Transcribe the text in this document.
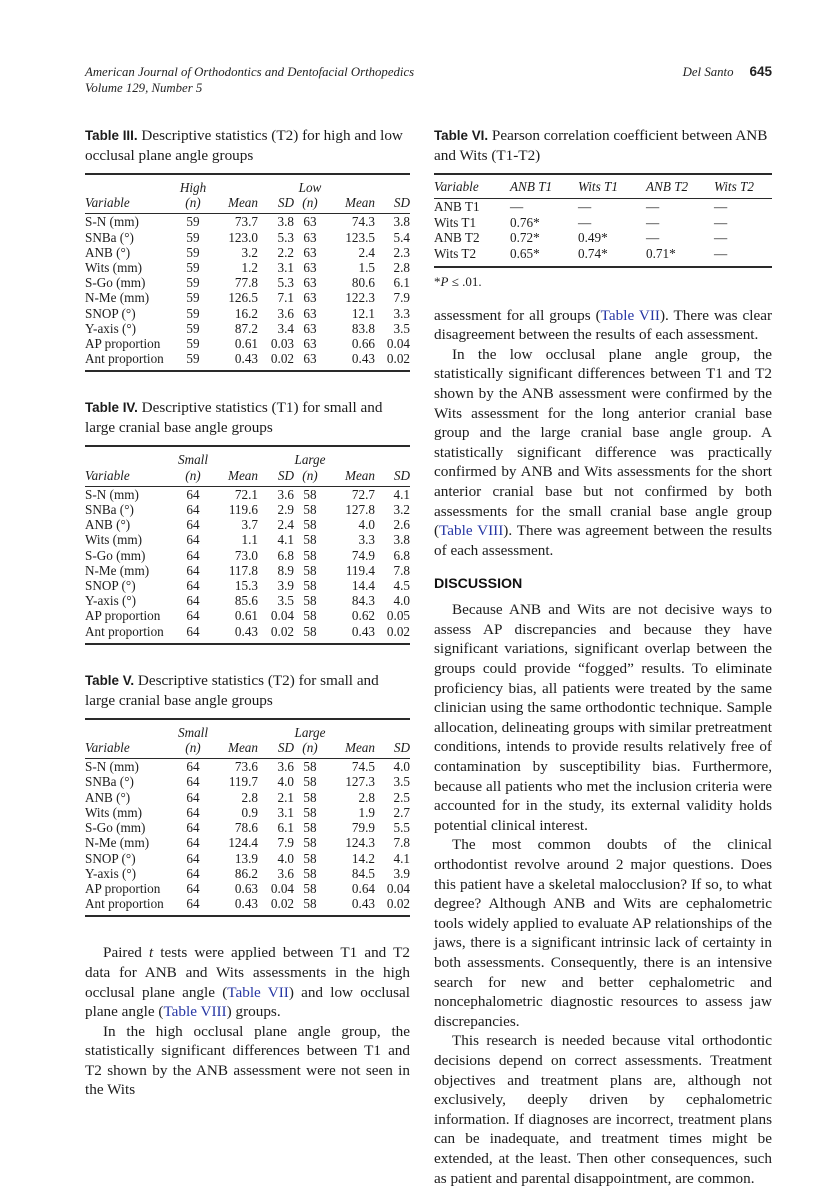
American Journal of Orthodontics and Dentofacial Orthopedics
Volume 129, Number 5
Del Santo 645

Table III. Descriptive statistics (T2) for high and low occlusal plane angle groups

	High			Low		
Variable	(n)	Mean	SD	(n)	Mean	SD
S-N (mm)	59	73.7	3.8	63	74.3	3.8
SNBa (°)	59	123.0	5.3	63	123.5	5.4
ANB (°)	59	3.2	2.2	63	2.4	2.3
Wits (mm)	59	1.2	3.1	63	1.5	2.8
S-Go (mm)	59	77.8	5.3	63	80.6	6.1
N-Me (mm)	59	126.5	7.1	63	122.3	7.9
SNOP (°)	59	16.2	3.6	63	12.1	3.3
Y-axis (°)	59	87.2	3.4	63	83.8	3.5
AP proportion	59	0.61	0.03	63	0.66	0.04
Ant proportion	59	0.43	0.02	63	0.43	0.02

Table IV. Descriptive statistics (T1) for small and large cranial base angle groups

	Small			Large		
Variable	(n)	Mean	SD	(n)	Mean	SD
S-N (mm)	64	72.1	3.6	58	72.7	4.1
SNBa (°)	64	119.6	2.9	58	127.8	3.2
ANB (°)	64	3.7	2.4	58	4.0	2.6
Wits (mm)	64	1.1	4.1	58	3.3	3.8
S-Go (mm)	64	73.0	6.8	58	74.9	6.8
N-Me (mm)	64	117.8	8.9	58	119.4	7.8
SNOP (°)	64	15.3	3.9	58	14.4	4.5
Y-axis (°)	64	85.6	3.5	58	84.3	4.0
AP proportion	64	0.61	0.04	58	0.62	0.05
Ant proportion	64	0.43	0.02	58	0.43	0.02

Table V. Descriptive statistics (T2) for small and large cranial base angle groups

	Small			Large		
Variable	(n)	Mean	SD	(n)	Mean	SD
S-N (mm)	64	73.6	3.6	58	74.5	4.0
SNBa (°)	64	119.7	4.0	58	127.3	3.5
ANB (°)	64	2.8	2.1	58	2.8	2.5
Wits (mm)	64	0.9	3.1	58	1.9	2.7
S-Go (mm)	64	78.6	6.1	58	79.9	5.5
N-Me (mm)	64	124.4	7.9	58	124.3	7.8
SNOP (°)	64	13.9	4.0	58	14.2	4.1
Y-axis (°)	64	86.2	3.6	58	84.5	3.9
AP proportion	64	0.63	0.04	58	0.64	0.04
Ant proportion	64	0.43	0.02	58	0.43	0.02

Paired t tests were applied between T1 and T2 data for ANB and Wits assessments in the high occlusal plane angle (Table VII) and low occlusal plane angle (Table VIII) groups.

In the high occlusal plane angle group, the statistically significant differences between T1 and T2 shown by the ANB assessment were not seen in the Wits

Table VI. Pearson correlation coefficient between ANB and Wits (T1-T2)

Variable	ANB T1	Wits T1	ANB T2	Wits T2
ANB T1	—	—	—	—
Wits T1	0.76*	—	—	—
ANB T2	0.72*	0.49*	—	—
Wits T2	0.65*	0.74*	0.71*	—

*P ≤ .01.

assessment for all groups (Table VII). There was clear disagreement between the results of each assessment.

In the low occlusal plane angle group, the statistically significant differences between T1 and T2 shown by the ANB assessment were confirmed by the Wits assessment for the long anterior cranial base group and the large cranial base angle group. A statistically significant difference was practically confirmed by ANB and Wits assessments for the short anterior cranial base but not confirmed by both assessments for the small cranial base angle group (Table VIII). There was agreement between the results of each assessment.

DISCUSSION

Because ANB and Wits are not decisive ways to assess AP discrepancies and because they have significant variations, significant overlap between the groups could provide “fogged” results. To eliminate proficiency bias, all patients were treated by the same clinician using the same orthodontic technique. Sample allocation, delineating groups with similar pretreatment conditions, intends to provide results relatively free of contamination by susceptibility bias. Furthermore, because all patients who met the inclusion criteria were accounted for in the study, its external validity holds potential clinical interest.

The most common doubts of the clinical orthodontist revolve around 2 major questions. Does this patient have a skeletal malocclusion? If so, to what degree? Although ANB and Wits are cephalometric tools widely applied to evaluate AP relationships of the jaws, there is a significant intrinsic lack of certainty in both assessments. Consequently, there is an intensive search for new and better cephalometric and noncephalometric diagnostic resources to assess jaw discrepancies.

This research is needed because vital orthodontic decisions depend on correct assessments. Treatment objectives and treatment plans are, although not exclusively, deeply driven by cephalometric information. If diagnoses are incorrect, treatment plans can be inadequate, and treatment times might be extended, at the least. Then other consequences, such as patient and parental disappointment, are common.
